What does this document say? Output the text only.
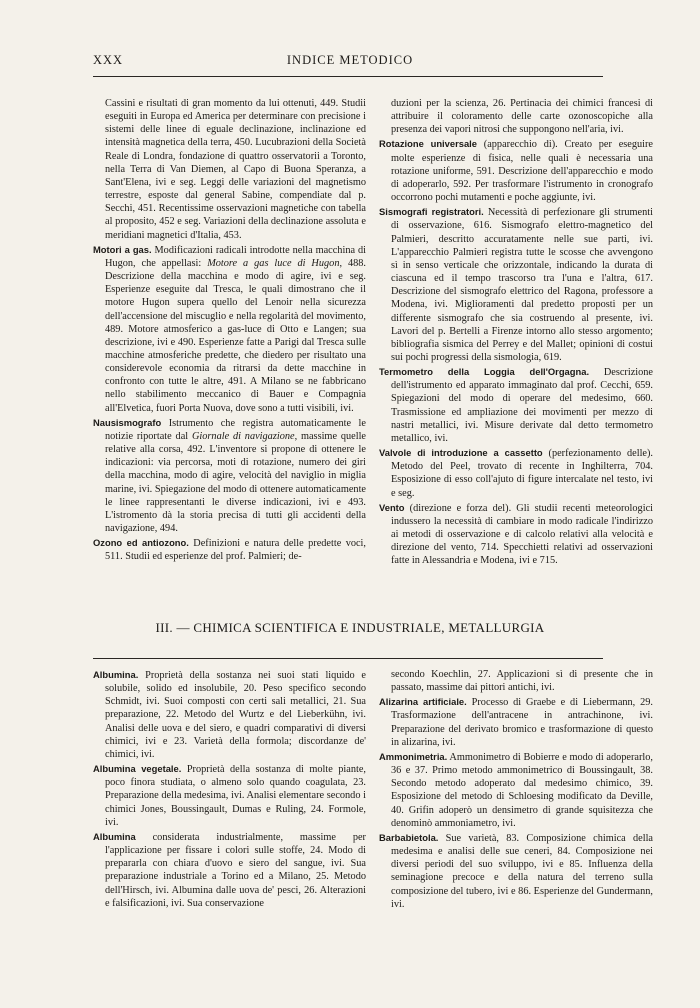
XXX	INDICE METODICO

Cassini e risultati di gran momento da lui ottenuti, 449. Studii eseguiti in Europa ed America per determinare con precisione i sistemi delle linee di eguale declinazione, inclinazione ed intensità magnetica della terra, 450. Lucubrazioni della Società Reale di Londra, fondazione di quattro osservatorii a Toronto, nella Terra di Van Diemen, al Capo di Buona Speranza, a Sant'Elena, ivi e seg. Leggi delle variazioni del magnetismo terrestre, esposte dal general Sabine, compendiate dal p. Secchi, 451. Recentissime osservazioni magnetiche con tabella al proposito, 452 e seg. Variazioni della declinazione assoluta e meridiani magnetici d'Italia, 453.

Motori a gas. Modificazioni radicali introdotte nella macchina di Hugon, che appellasi: Motore a gas luce di Hugon, 488. Descrizione della macchina e modo di agire, ivi e seg. Esperienze eseguite dal Tresca, le quali dimostrano che il motore Hugon supera quello del Lenoir nella sicurezza dell'accensione del miscuglio e nella regolarità del movimento, 489. Motore atmosferico a gas-luce di Otto e Langen; sua descrizione, ivi e 490. Esperienze fatte a Parigi dal Tresca sulle macchine atmosferiche predette, che diedero per risultato una considerevole economia da ritrarsi da dette macchine in confronto con tutte le altre, 491. A Milano se ne fabbricano nello stabilimento meccanico di Bauer e Compagnia all'Elvetica, fuori Porta Nuova, dove sono a tutti visibili, ivi.

Nausismografo Istrumento che registra automaticamente le notizie riportate dal Giornale di navigazione, massime quelle relative alla corsa, 492. L'inventore si propone di ottenere le indicazioni: via percorsa, moti di rotazione, numero dei giri della macchina, modo di agire, velocità del naviglio in miglia marine, ivi. Spiegazione del modo di ottenere automaticamente le linee rappresentanti le diverse indicazioni, ivi e 493. L'istromento dà la storia precisa di tutti gli accidenti della navigazione, 494.

Ozono ed antiozono. Definizioni e natura delle predette voci, 511. Studii ed esperienze del prof. Palmieri; de-

duzioni per la scienza, 26. Pertinacia dei chimici francesi di attribuire il coloramento delle carte ozonoscopiche alla presenza dei vapori nitrosi che suppongono nell'aria, ivi.

Rotazione universale (apparecchio di). Creato per eseguire molte esperienze di fisica, nelle quali è necessaria una rotazione uniforme, 591. Descrizione dell'apparecchio e modo di adoperarlo, 592. Per trasformare l'istrumento in cronografo occorrono pochi mutamenti e poche aggiunte, ivi.

Sismografi registratori. Necessità di perfezionare gli strumenti di osservazione, 616. Sismografo elettro-magnetico del Palmieri, descritto accuratamente nelle sue parti, ivi. L'apparecchio Palmieri registra tutte le scosse che avvengono sì in senso verticale che orizzontale, indicando la durata di ciascuna ed il tempo trascorso tra l'una e l'altra, 617. Descrizione del sismografo elettrico del Ragona, professore a Modena, ivi. Miglioramenti dal predetto proposti per un differente sismografo che sia costruendo al presente, ivi. Lavori del p. Bertelli a Firenze intorno allo stesso argomento; bibliografia sismica del Perrey e del Mallet; opinioni di costui sui pochi progressi della sismologia, 619.

Termometro della Loggia dell'Orgagna. Descrizione dell'istrumento ed apparato immaginato dal prof. Cecchi, 659. Spiegazioni del modo di operare del medesimo, 660. Trasmissione ed ampliazione dei movimenti per mezzo di nastri metallici, ivi. Misure derivate dal detto termometro metallico, ivi.

Valvole di introduzione a cassetto (perfezionamento delle). Metodo del Peel, trovato di recente in Inghilterra, 704. Esposizione di esso coll'ajuto di figure intercalate nel testo, ivi e seg.

Vento (direzione e forza del). Gli studii recenti meteorologici indussero la necessità di cambiare in modo radicale l'indirizzo ai metodi di osservazione e di calcolo relativi alla velocità e direzione del vento, 714. Specchietti relativi ad osservazioni fatte in Alessandria e Modena, ivi e 715.

III. — CHIMICA SCIENTIFICA E INDUSTRIALE, METALLURGIA

Albumina. Proprietà della sostanza nei suoi stati liquido e solubile, solido ed insolubile, 20. Peso specifico secondo Schmidt, ivi. Suoi composti con certi sali metallici, 21. Sua preparazione, 22. Metodo del Wurtz e del Lieberkühn, ivi. Analisi delle uova e del siero, e quadri comparativi di diversi chimici, ivi e 23. Varietà della formola; discordanze de' chimici, ivi.

Albumina vegetale. Proprietà della sostanza di molte piante, poco finora studiata, o almeno solo quando coagulata, 23. Preparazione della medesima, ivi. Analisi elementare secondo i chimici Jones, Boussingault, Dumas e Ruling, 24. Formole, ivi.

Albumina considerata industrialmente, massime per l'applicazione per fissare i colori sulle stoffe, 24. Modo di prepararla con chiara d'uovo e siero del sangue, ivi. Sua preparazione industriale a Torino ed a Milano, 25. Metodo dell'Hirsch, ivi. Albumina dalle uova de' pesci, 26. Alterazioni e falsificazioni, ivi. Sua conservazione

secondo Koechlin, 27. Applicazioni sì di presente che in passato, massime dai pittori antichi, ivi.

Alizarina artificiale. Processo di Graebe e di Liebermann, 29. Trasformazione dell'antracene in antrachinone, ivi. Preparazione del derivato bromico e trasformazione di questo in alizarina, ivi.

Ammonimetria. Ammonimetro di Bobierre e modo di adoperarlo, 36 e 37. Primo metodo ammonimetrico di Boussingault, 38. Secondo metodo adoperato dal medesimo chimico, 39. Esposizione del metodo di Schloesing modificato da Deville, 40. Grifin adoperò un densimetro di grande squisitezza che denominò ammoniametro, ivi.

Barbabietola. Sue varietà, 83. Composizione chimica della medesima e analisi delle sue ceneri, 84. Composizione nei diversi periodi del suo sviluppo, ivi e 85. Influenza della seminagione precoce e della natura del terreno sulla composizione del tubero, ivi e 86. Esperienze del Gundermann, ivi.
